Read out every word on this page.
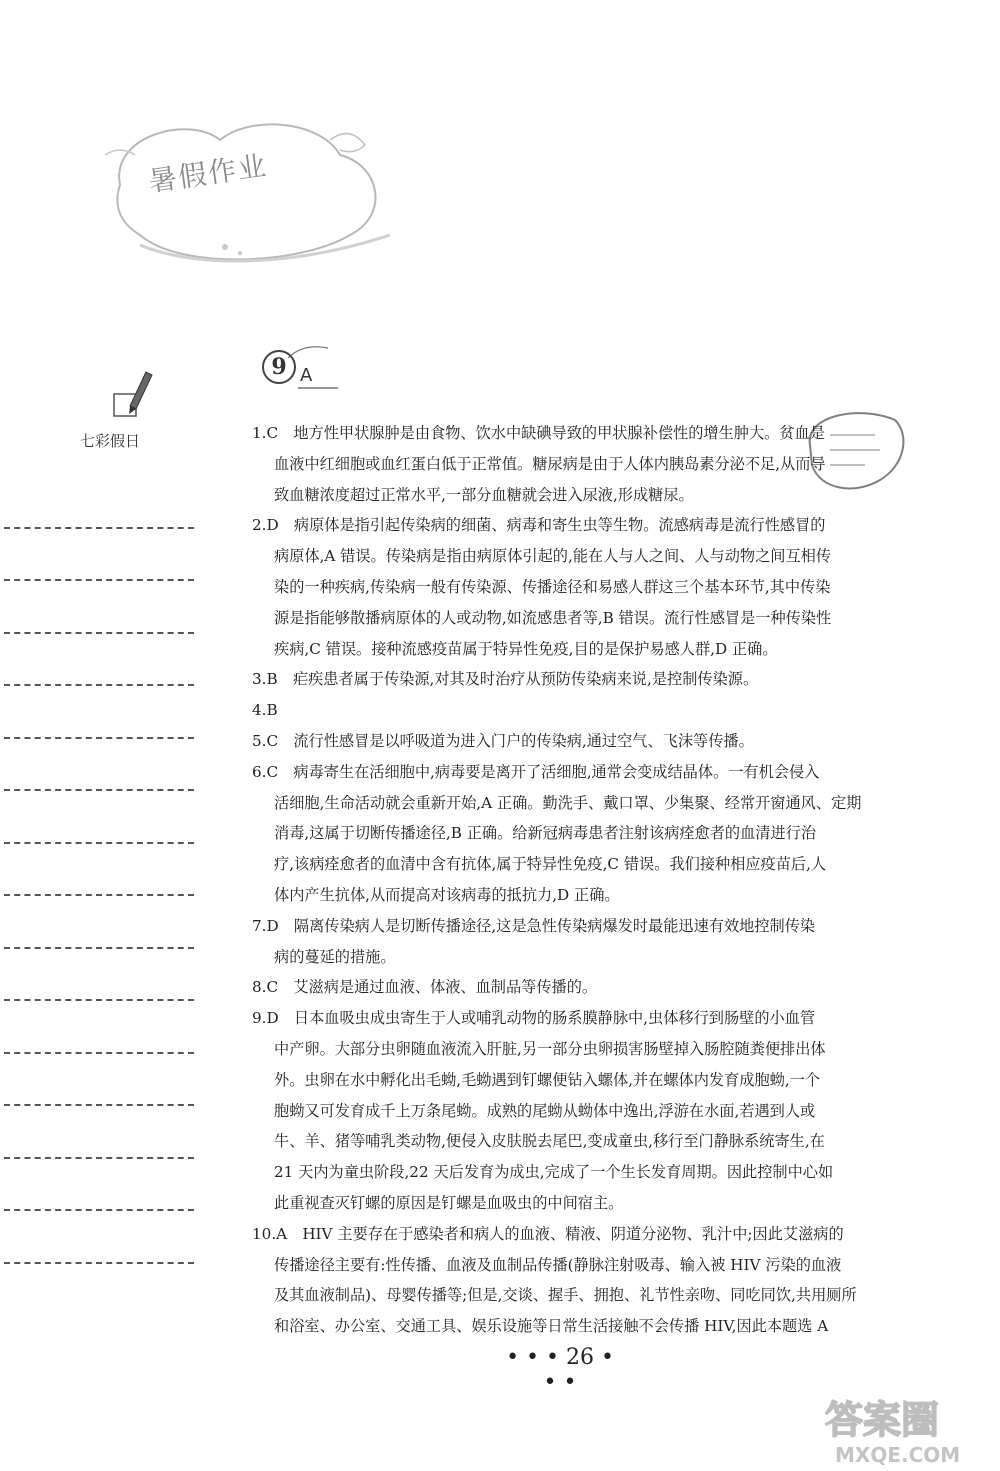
暑假作业
七彩假日
9 A
1.C  地方性甲状腺肿是由食物、饮水中缺碘导致的甲状腺补偿性的增生肿大。贫血是
血液中红细胞或血红蛋白低于正常值。糖尿病是由于人体内胰岛素分泌不足,从而导
致血糖浓度超过正常水平,一部分血糖就会进入尿液,形成糖尿。
2.D  病原体是指引起传染病的细菌、病毒和寄生虫等生物。流感病毒是流行性感冒的
病原体,A 错误。传染病是指由病原体引起的,能在人与人之间、人与动物之间互相传
染的一种疾病,传染病一般有传染源、传播途径和易感人群这三个基本环节,其中传染
源是指能够散播病原体的人或动物,如流感患者等,B 错误。流行性感冒是一种传染性
疾病,C 错误。接种流感疫苗属于特异性免疫,目的是保护易感人群,D 正确。
3.B  疟疾患者属于传染源,对其及时治疗从预防传染病来说,是控制传染源。
4.B
5.C  流行性感冒是以呼吸道为进入门户的传染病,通过空气、飞沫等传播。
6.C  病毒寄生在活细胞中,病毒要是离开了活细胞,通常会变成结晶体。一有机会侵入
活细胞,生命活动就会重新开始,A 正确。勤洗手、戴口罩、少集聚、经常开窗通风、定期
消毒,这属于切断传播途径,B 正确。给新冠病毒患者注射该病痊愈者的血清进行治
疗,该病痊愈者的血清中含有抗体,属于特异性免疫,C 错误。我们接种相应疫苗后,人
体内产生抗体,从而提高对该病毒的抵抗力,D 正确。
7.D  隔离传染病人是切断传播途径,这是急性传染病爆发时最能迅速有效地控制传染
病的蔓延的措施。
8.C  艾滋病是通过血液、体液、血制品等传播的。
9.D  日本血吸虫成虫寄生于人或哺乳动物的肠系膜静脉中,虫体移行到肠壁的小血管
中产卵。大部分虫卵随血液流入肝脏,另一部分虫卵损害肠壁掉入肠腔随粪便排出体
外。虫卵在水中孵化出毛蚴,毛蚴遇到钉螺便钻入螺体,并在螺体内发育成胞蚴,一个
胞蚴又可发育成千上万条尾蚴。成熟的尾蚴从蚴体中逸出,浮游在水面,若遇到人或
牛、羊、猪等哺乳类动物,便侵入皮肤脱去尾巴,变成童虫,移行至门静脉系统寄生,在
21 天内为童虫阶段,22 天后发育为成虫,完成了一个生长发育周期。因此控制中心如
此重视查灭钉螺的原因是钉螺是血吸虫的中间宿主。
10.A  HIV 主要存在于感染者和病人的血液、精液、阴道分泌物、乳汁中;因此艾滋病的
传播途径主要有:性传播、血液及血制品传播(静脉注射吸毒、输入被 HIV 污染的血液
及其血液制品)、母婴传播等;但是,交谈、握手、拥抱、礼节性亲吻、同吃同饮,共用厕所
和浴室、办公室、交通工具、娱乐设施等日常生活接触不会传播 HIV,因此本题选 A
• • • 26 • • •
答案圈
MXQE.COM
